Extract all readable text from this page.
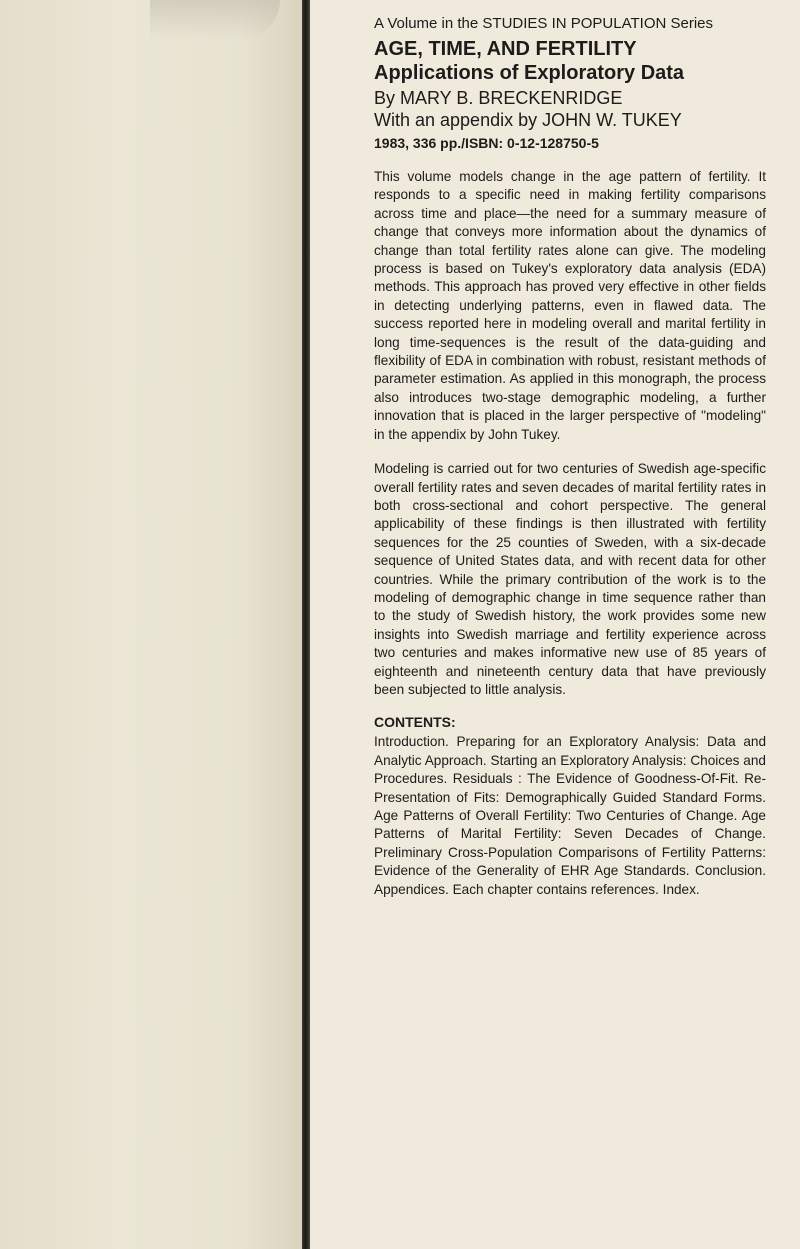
A Volume in the STUDIES IN POPULATION Series

AGE, TIME, AND FERTILITY

Applications of Exploratory Data

By MARY B. BRECKENRIDGE

With an appendix by JOHN W. TUKEY

1983, 336 pp./ISBN: 0-12-128750-5

This volume models change in the age pattern of fertility. It responds to a specific need in making fertility comparisons across time and place—the need for a summary measure of change that conveys more information about the dynamics of change than total fertility rates alone can give. The modeling process is based on Tukey's exploratory data analysis (EDA) methods. This approach has proved very effective in other fields in detecting underlying patterns, even in flawed data. The success reported here in modeling overall and marital fertility in long time-sequences is the result of the data-guiding and flexibility of EDA in combination with robust, resistant methods of parameter estimation. As applied in this monograph, the process also introduces two-stage demographic modeling, a further innovation that is placed in the larger perspective of "modeling" in the appendix by John Tukey.

Modeling is carried out for two centuries of Swedish age-specific overall fertility rates and seven decades of marital fertility rates in both cross-sectional and cohort perspective. The general applicability of these findings is then illustrated with fertility sequences for the 25 counties of Sweden, with a six-decade sequence of United States data, and with recent data for other countries. While the primary contribution of the work is to the modeling of demographic change in time sequence rather than to the study of Swedish history, the work provides some new insights into Swedish marriage and fertility experience across two centuries and makes informative new use of 85 years of eighteenth and nineteenth century data that have previously been subjected to little analysis.

CONTENTS:

Introduction. Preparing for an Exploratory Analysis: Data and Analytic Approach. Starting an Exploratory Analysis: Choices and Procedures. Residuals : The Evidence of Goodness-Of-Fit. Re-Presentation of Fits: Demographically Guided Standard Forms. Age Patterns of Overall Fertility: Two Centuries of Change. Age Patterns of Marital Fertility: Seven Decades of Change. Preliminary Cross-Population Comparisons of Fertility Patterns: Evidence of the Generality of EHR Age Standards. Conclusion. Appendices. Each chapter contains references. Index.
